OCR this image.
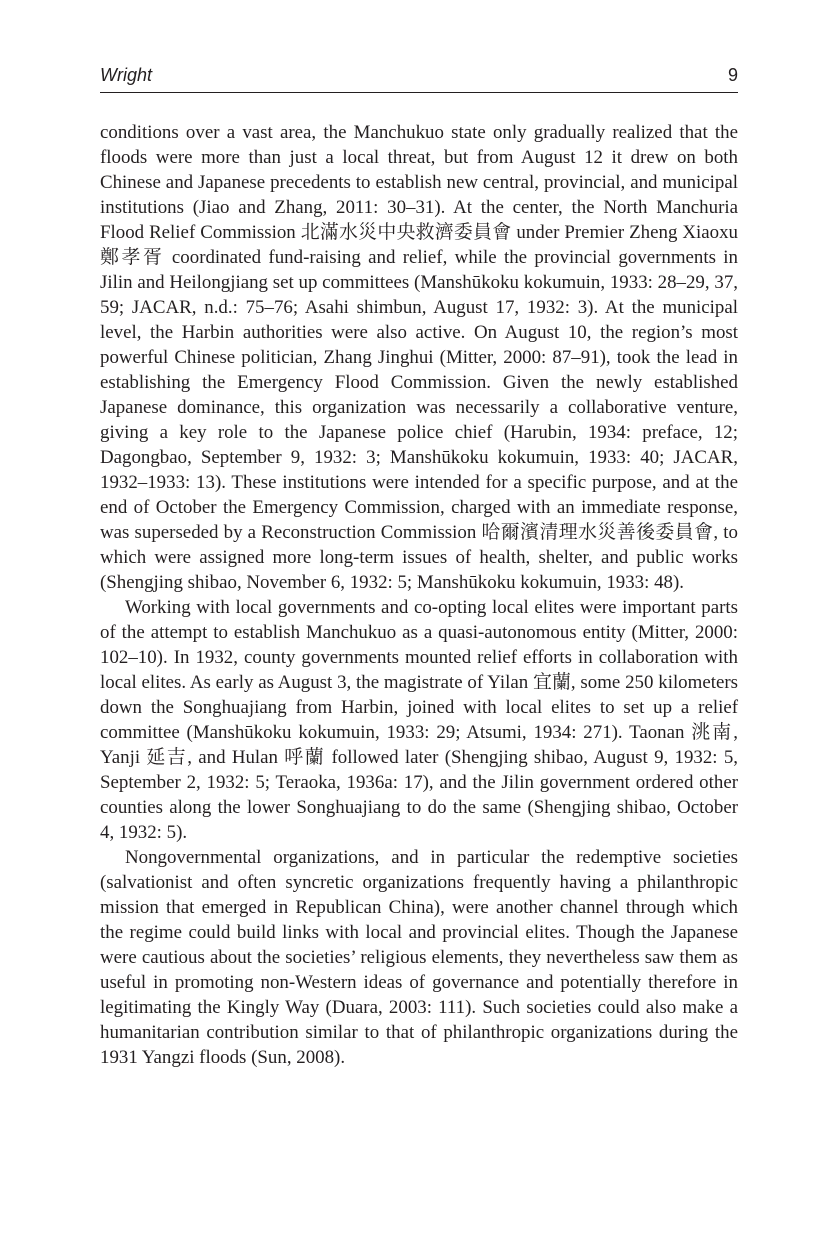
Wright	9

conditions over a vast area, the Manchukuo state only gradually realized that the floods were more than just a local threat, but from August 12 it drew on both Chinese and Japanese precedents to establish new central, provincial, and municipal institutions (Jiao and Zhang, 2011: 30–31). At the center, the North Manchuria Flood Relief Commission 北滿水災中央救濟委員會 under Premier Zheng Xiaoxu 鄭孝胥 coordinated fund-raising and relief, while the provincial governments in Jilin and Heilongjiang set up committees (Manshūkoku kokumuin, 1933: 28–29, 37, 59; JACAR, n.d.: 75–76; Asahi shimbun, August 17, 1932: 3). At the municipal level, the Harbin authorities were also active. On August 10, the region’s most powerful Chinese politician, Zhang Jinghui (Mitter, 2000: 87–91), took the lead in establishing the Emergency Flood Commission. Given the newly established Japanese dominance, this organization was necessarily a collaborative venture, giving a key role to the Japanese police chief (Harubin, 1934: preface, 12; Dagongbao, September 9, 1932: 3; Manshūkoku kokumuin, 1933: 40; JACAR, 1932–1933: 13). These institutions were intended for a specific purpose, and at the end of October the Emergency Commission, charged with an immediate response, was superseded by a Reconstruction Commission 哈爾濱清理水災善後委員會, to which were assigned more long-term issues of health, shelter, and public works (Shengjing shibao, November 6, 1932: 5; Manshūkoku kokumuin, 1933: 48).

Working with local governments and co-opting local elites were important parts of the attempt to establish Manchukuo as a quasi-autonomous entity (Mitter, 2000: 102–10). In 1932, county governments mounted relief efforts in collaboration with local elites. As early as August 3, the magistrate of Yilan 宜蘭, some 250 kilometers down the Songhuajiang from Harbin, joined with local elites to set up a relief committee (Manshūkoku kokumuin, 1933: 29; Atsumi, 1934: 271). Taonan 洮南, Yanji 延吉, and Hulan 呼蘭 followed later (Shengjing shibao, August 9, 1932: 5, September 2, 1932: 5; Teraoka, 1936a: 17), and the Jilin government ordered other counties along the lower Songhuajiang to do the same (Shengjing shibao, October 4, 1932: 5).

Nongovernmental organizations, and in particular the redemptive societies (salvationist and often syncretic organizations frequently having a philanthropic mission that emerged in Republican China), were another channel through which the regime could build links with local and provincial elites. Though the Japanese were cautious about the societies’ religious elements, they nevertheless saw them as useful in promoting non-Western ideas of governance and potentially therefore in legitimating the Kingly Way (Duara, 2003: 111). Such societies could also make a humanitarian contribution similar to that of philanthropic organizations during the 1931 Yangzi floods (Sun, 2008).
